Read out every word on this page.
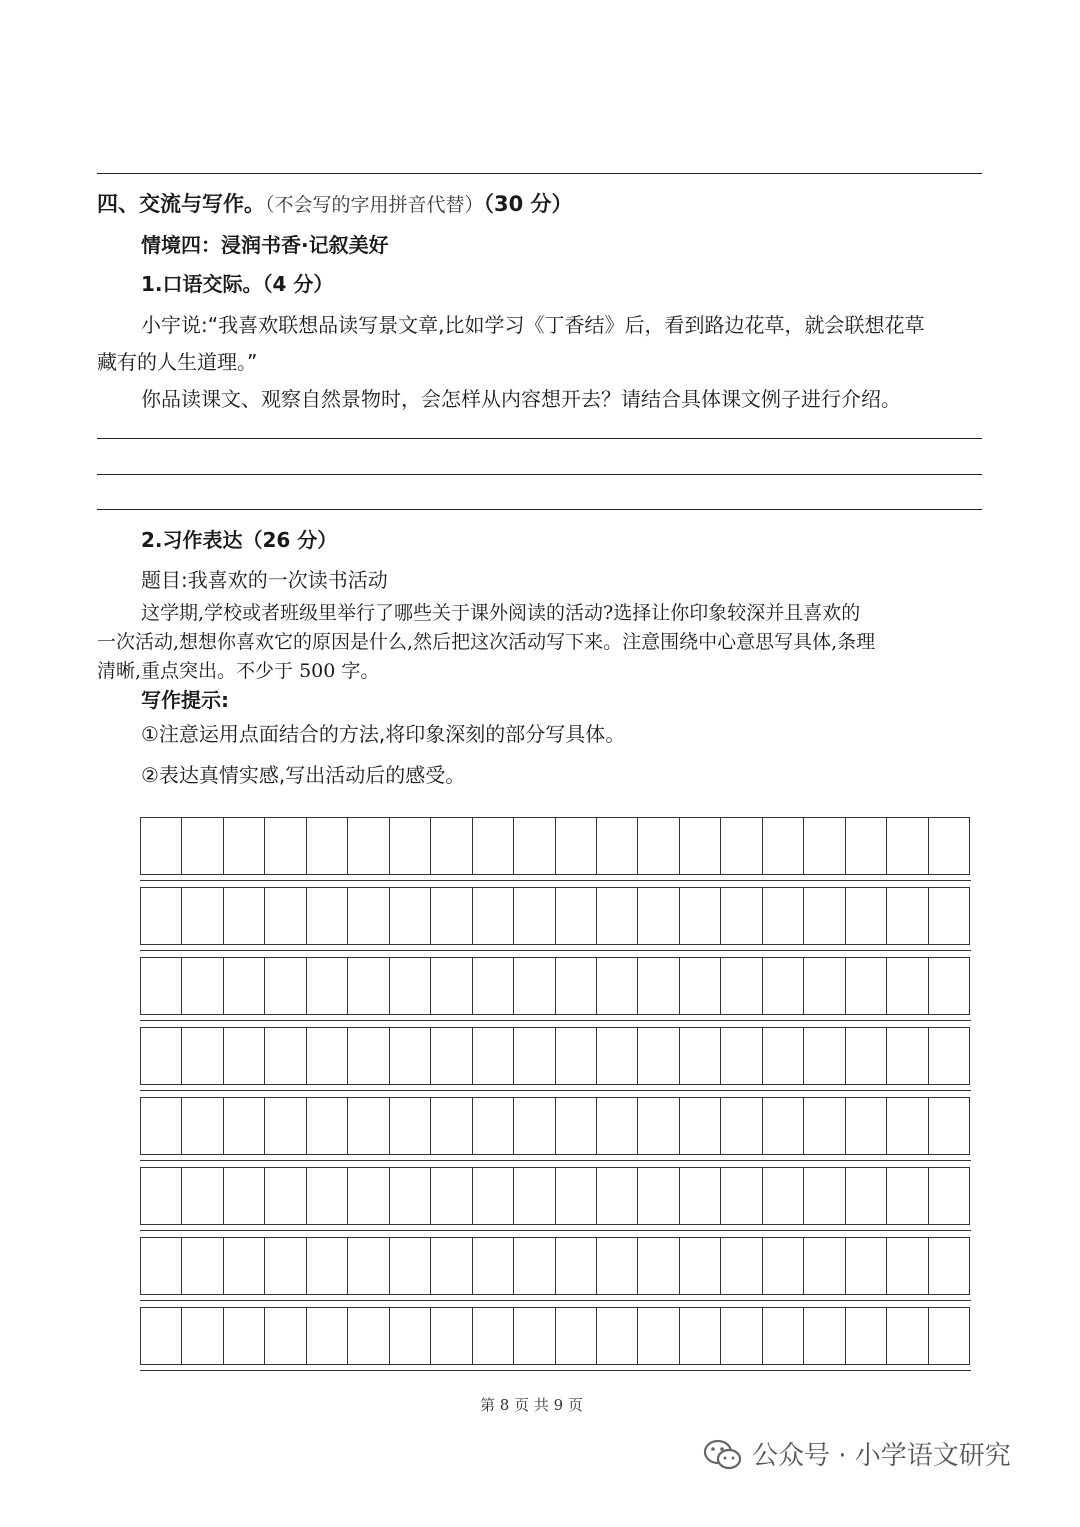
四、交流与写作。（不会写的字用拼音代替）（30 分）
情境四：浸润书香·记叙美好
1.口语交际。（4 分）
小宇说:“我喜欢联想品读写景文章,比如学习《丁香结》后，看到路边花草，就会联想花草
藏有的人生道理。”
你品读课文、观察自然景物时，会怎样从内容想开去？请结合具体课文例子进行介绍。
2.习作表达（26 分）
题目:我喜欢的一次读书活动
这学期,学校或者班级里举行了哪些关于课外阅读的活动?选择让你印象较深并且喜欢的
一次活动,想想你喜欢它的原因是什么,然后把这次活动写下来。注意围绕中心意思写具体,条理
清晰,重点突出。不少于 500 字。
写作提示:
①注意运用点面结合的方法,将印象深刻的部分写具体。
②表达真情实感,写出活动后的感受。
第 8 页 共 9 页
公众号 · 小学语文研究
